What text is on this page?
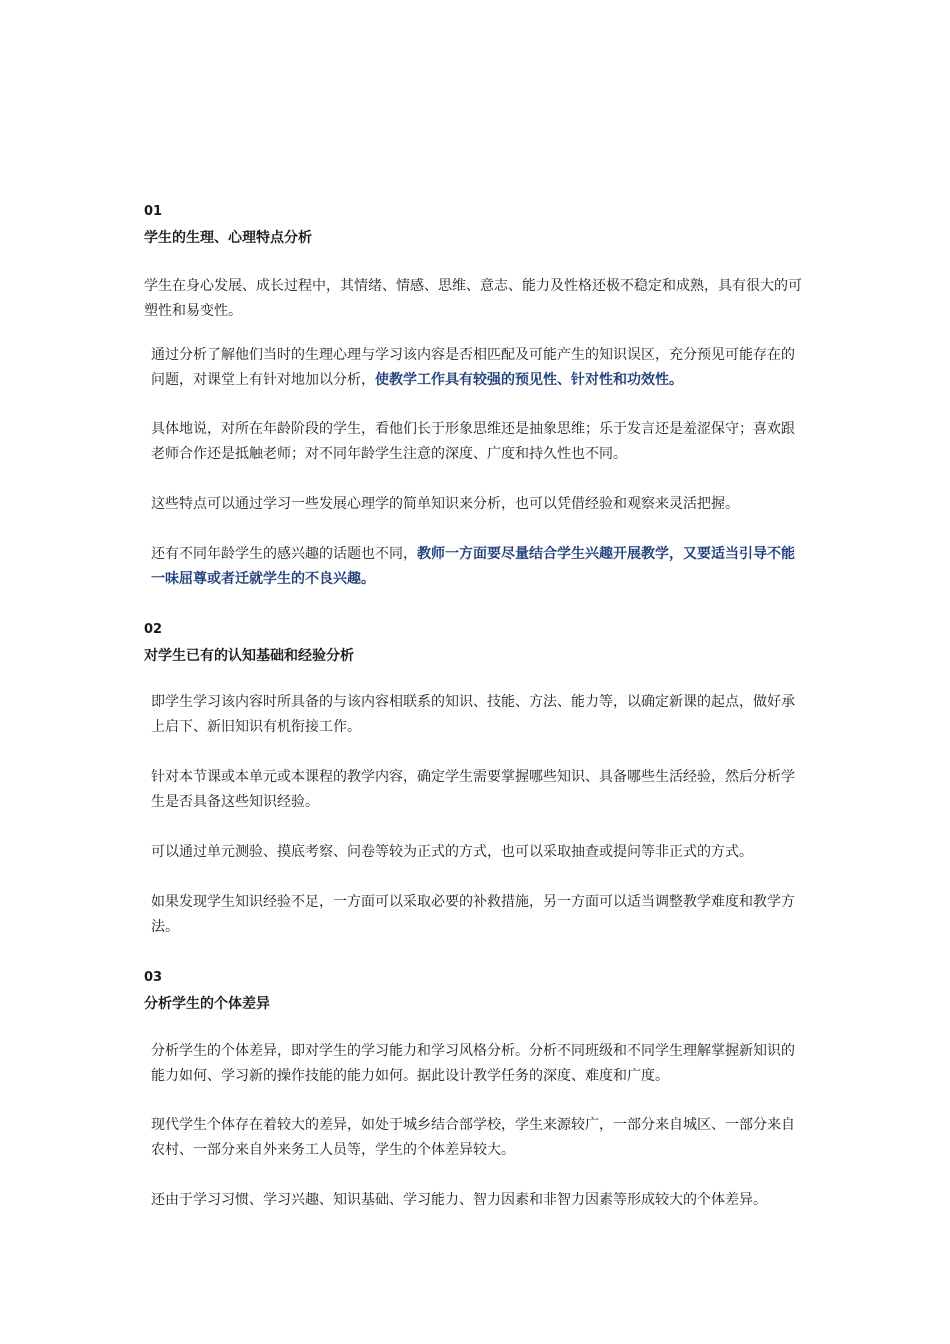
01

学生的生理、心理特点分析

学生在身心发展、成长过程中，其情绪、情感、思维、意志、能力及性格还极不稳定和成熟，具有很大的可塑性和易变性。

通过分析了解他们当时的生理心理与学习该内容是否相匹配及可能产生的知识误区，充分预见可能存在的问题，对课堂上有针对地加以分析，使教学工作具有较强的预见性、针对性和功效性。

具体地说，对所在年龄阶段的学生，看他们长于形象思维还是抽象思维；乐于发言还是羞涩保守；喜欢跟老师合作还是抵触老师；对不同年龄学生注意的深度、广度和持久性也不同。

这些特点可以通过学习一些发展心理学的简单知识来分析，也可以凭借经验和观察来灵活把握。

还有不同年龄学生的感兴趣的话题也不同，教师一方面要尽量结合学生兴趣开展教学，又要适当引导不能一味屈尊或者迁就学生的不良兴趣。

02

对学生已有的认知基础和经验分析

即学生学习该内容时所具备的与该内容相联系的知识、技能、方法、能力等，以确定新课的起点，做好承上启下、新旧知识有机衔接工作。

针对本节课或本单元或本课程的教学内容，确定学生需要掌握哪些知识、具备哪些生活经验，然后分析学生是否具备这些知识经验。

可以通过单元测验、摸底考察、问卷等较为正式的方式，也可以采取抽查或提问等非正式的方式。

如果发现学生知识经验不足，一方面可以采取必要的补救措施，另一方面可以适当调整教学难度和教学方法。

03

分析学生的个体差异

分析学生的个体差异，即对学生的学习能力和学习风格分析。分析不同班级和不同学生理解掌握新知识的能力如何、学习新的操作技能的能力如何。据此设计教学任务的深度、难度和广度。

现代学生个体存在着较大的差异，如处于城乡结合部学校，学生来源较广，一部分来自城区、一部分来自农村、一部分来自外来务工人员等，学生的个体差异较大。

还由于学习习惯、学习兴趣、知识基础、学习能力、智力因素和非智力因素等形成较大的个体差异。
